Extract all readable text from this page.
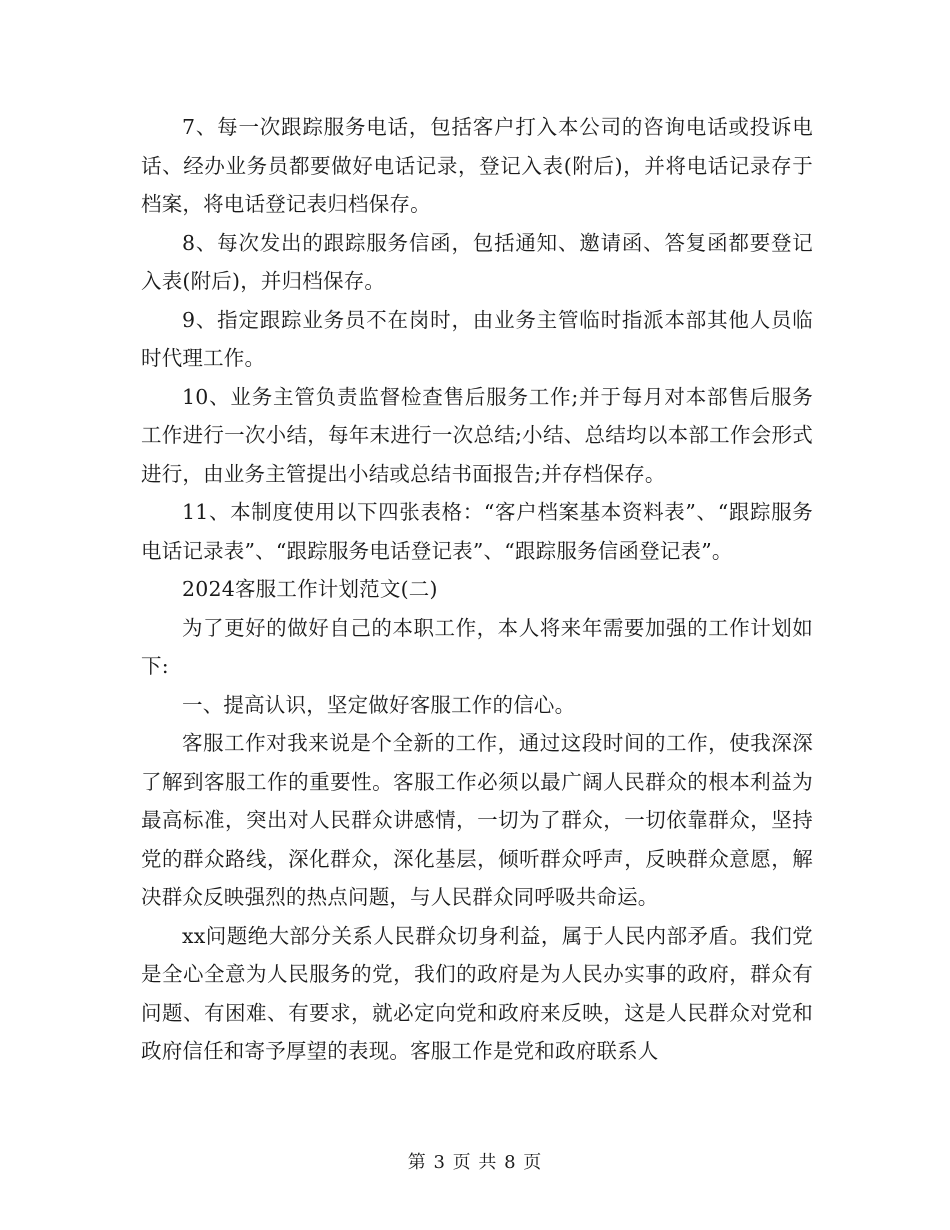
7、每一次跟踪服务电话，包括客户打入本公司的咨询电话或投诉电话、经办业务员都要做好电话记录，登记入表(附后)，并将电话记录存于档案，将电话登记表归档保存。

8、每次发出的跟踪服务信函，包括通知、邀请函、答复函都要登记入表(附后)，并归档保存。

9、指定跟踪业务员不在岗时，由业务主管临时指派本部其他人员临时代理工作。

10、业务主管负责监督检查售后服务工作;并于每月对本部售后服务工作进行一次小结，每年末进行一次总结;小结、总结均以本部工作会形式进行，由业务主管提出小结或总结书面报告;并存档保存。

11、本制度使用以下四张表格：“客户档案基本资料表”、“跟踪服务电话记录表”、“跟踪服务电话登记表”、“跟踪服务信函登记表”。

2024客服工作计划范文(二)

为了更好的做好自己的本职工作，本人将来年需要加强的工作计划如下:

一、提高认识，坚定做好客服工作的信心。

客服工作对我来说是个全新的工作，通过这段时间的工作，使我深深了解到客服工作的重要性。客服工作必须以最广阔人民群众的根本利益为最高标准，突出对人民群众讲感情，一切为了群众，一切依靠群众，坚持党的群众路线，深化群众，深化基层，倾听群众呼声，反映群众意愿，解决群众反映强烈的热点问题，与人民群众同呼吸共命运。

xx问题绝大部分关系人民群众切身利益，属于人民内部矛盾。我们党是全心全意为人民服务的党，我们的政府是为人民办实事的政府，群众有问题、有困难、有要求，就必定向党和政府来反映，这是人民群众对党和政府信任和寄予厚望的表现。客服工作是党和政府联系人

第 3 页 共 8 页
